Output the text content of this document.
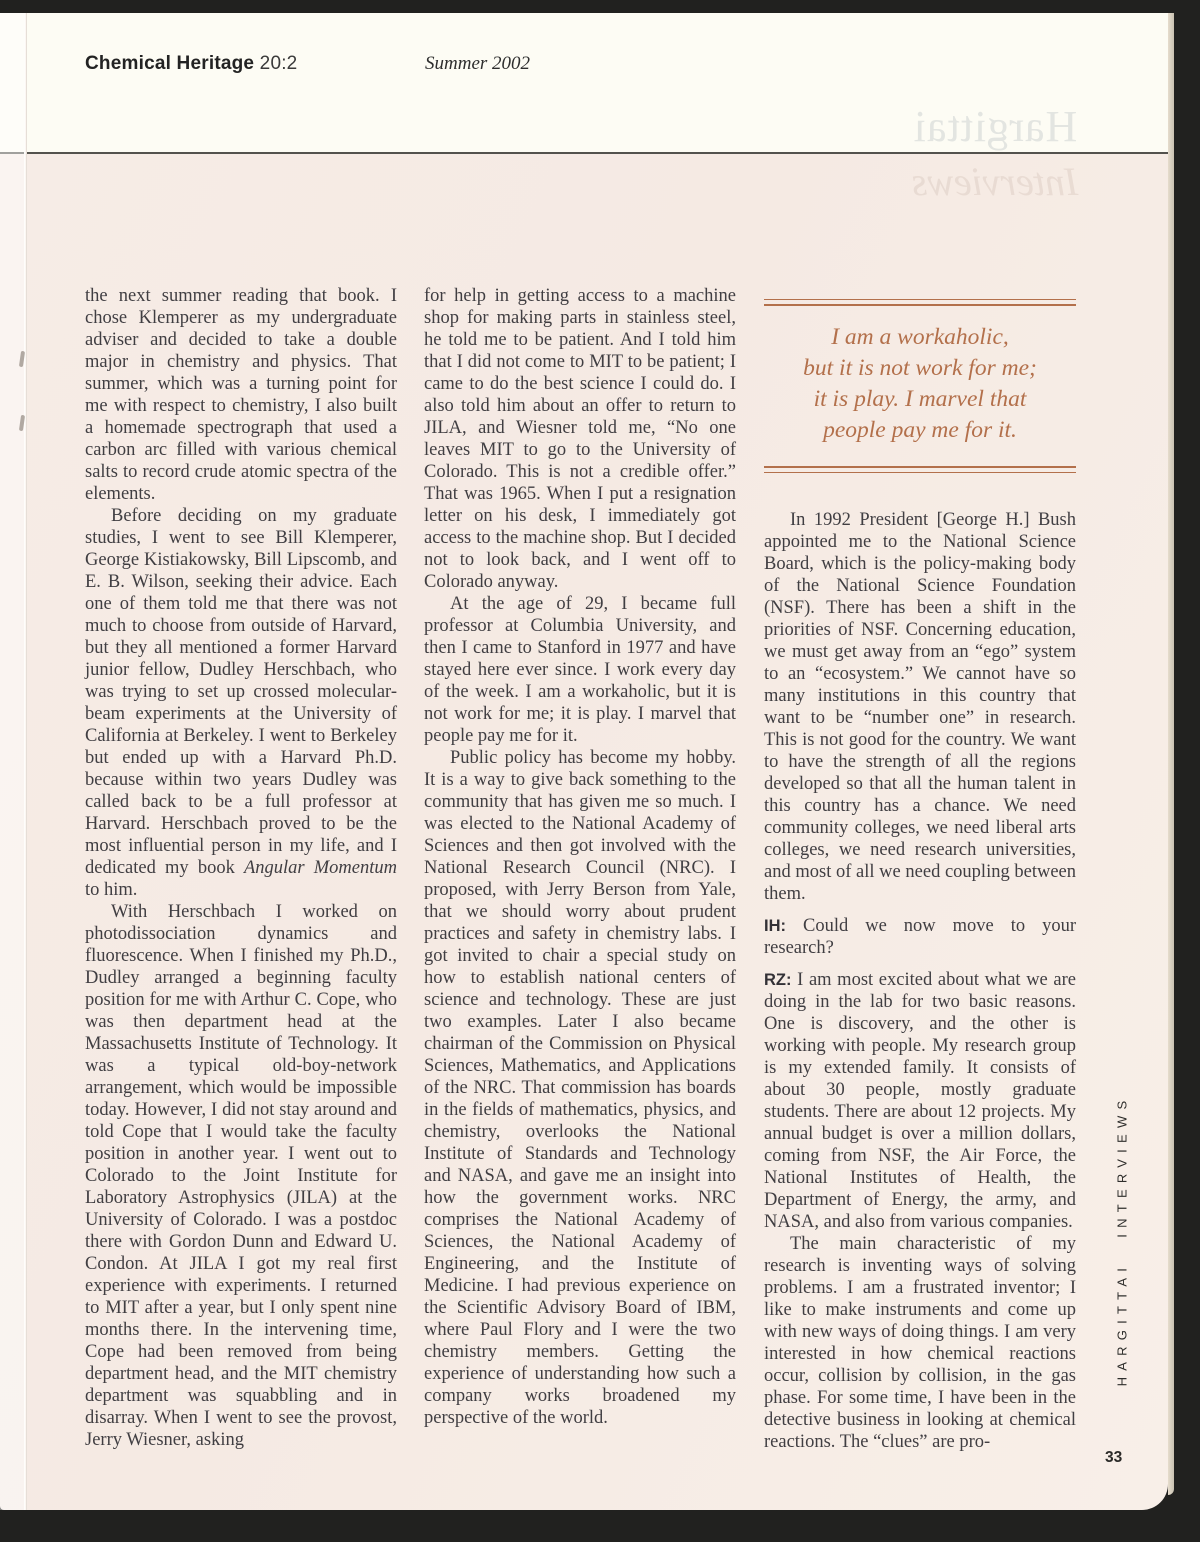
Chemical Heritage 20:2	Summer 2002
Hargittai
Interviews

the next summer reading that book. I chose Klemperer as my undergraduate adviser and decided to take a double major in chemistry and physics. That summer, which was a turning point for me with respect to chemistry, I also built a homemade spectrograph that used a carbon arc filled with various chemical salts to record crude atomic spectra of the elements.

Before deciding on my graduate studies, I went to see Bill Klemperer, George Kistiakowsky, Bill Lipscomb, and E. B. Wilson, seeking their advice. Each one of them told me that there was not much to choose from outside of Harvard, but they all mentioned a former Harvard junior fellow, Dudley Herschbach, who was trying to set up crossed molecular-beam experiments at the University of California at Berkeley. I went to Berkeley but ended up with a Harvard Ph.D. because within two years Dudley was called back to be a full professor at Harvard. Herschbach proved to be the most influential person in my life, and I dedicated my book Angular Momentum to him.

With Herschbach I worked on photodissociation dynamics and fluorescence. When I finished my Ph.D., Dudley arranged a beginning faculty position for me with Arthur C. Cope, who was then department head at the Massachusetts Institute of Technology. It was a typical old-boy-network arrangement, which would be impossible today. However, I did not stay around and told Cope that I would take the faculty position in another year. I went out to Colorado to the Joint Institute for Laboratory Astrophysics (JILA) at the University of Colorado. I was a postdoc there with Gordon Dunn and Edward U. Condon. At JILA I got my real first experience with experiments. I returned to MIT after a year, but I only spent nine months there. In the intervening time, Cope had been removed from being department head, and the MIT chemistry department was squabbling and in disarray. When I went to see the provost, Jerry Wiesner, asking

for help in getting access to a machine shop for making parts in stainless steel, he told me to be patient. And I told him that I did not come to MIT to be patient; I came to do the best science I could do. I also told him about an offer to return to JILA, and Wiesner told me, “No one leaves MIT to go to the University of Colorado. This is not a credible offer.” That was 1965. When I put a resignation letter on his desk, I immediately got access to the machine shop. But I decided not to look back, and I went off to Colorado anyway.

At the age of 29, I became full professor at Columbia University, and then I came to Stanford in 1977 and have stayed here ever since. I work every day of the week. I am a workaholic, but it is not work for me; it is play. I marvel that people pay me for it.

Public policy has become my hobby. It is a way to give back something to the community that has given me so much. I was elected to the National Academy of Sciences and then got involved with the National Research Council (NRC). I proposed, with Jerry Berson from Yale, that we should worry about prudent practices and safety in chemistry labs. I got invited to chair a special study on how to establish national centers of science and technology. These are just two examples. Later I also became chairman of the Commission on Physical Sciences, Mathematics, and Applications of the NRC. That commission has boards in the fields of mathematics, physics, and chemistry, overlooks the National Institute of Standards and Technology and NASA, and gave me an insight into how the government works. NRC comprises the National Academy of Sciences, the National Academy of Engineering, and the Institute of Medicine. I had previous experience on the Scientific Advisory Board of IBM, where Paul Flory and I were the two chemistry members. Getting the experience of understanding how such a company works broadened my perspective of the world.

I am a workaholic,
but it is not work for me;
it is play. I marvel that
people pay me for it.

In 1992 President [George H.] Bush appointed me to the National Science Board, which is the policy-making body of the National Science Foundation (NSF). There has been a shift in the priorities of NSF. Concerning education, we must get away from an “ego” system to an “ecosystem.” We cannot have so many institutions in this country that want to be “number one” in research. This is not good for the country. We want to have the strength of all the regions developed so that all the human talent in this country has a chance. We need community colleges, we need liberal arts colleges, we need research universities, and most of all we need coupling between them.

IH: Could we now move to your research?

RZ: I am most excited about what we are doing in the lab for two basic reasons. One is discovery, and the other is working with people. My research group is my extended family. It consists of about 30 people, mostly graduate students. There are about 12 projects. My annual budget is over a million dollars, coming from NSF, the Air Force, the National Institutes of Health, the Department of Energy, the army, and NASA, and also from various companies.

The main characteristic of my research is inventing ways of solving problems. I am a frustrated inventor; I like to make instruments and come up with new ways of doing things. I am very interested in how chemical reactions occur, collision by collision, in the gas phase. For some time, I have been in the detective business in looking at chemical reactions. The “clues” are pro-

HARGITTAI INTERVIEWS
33
